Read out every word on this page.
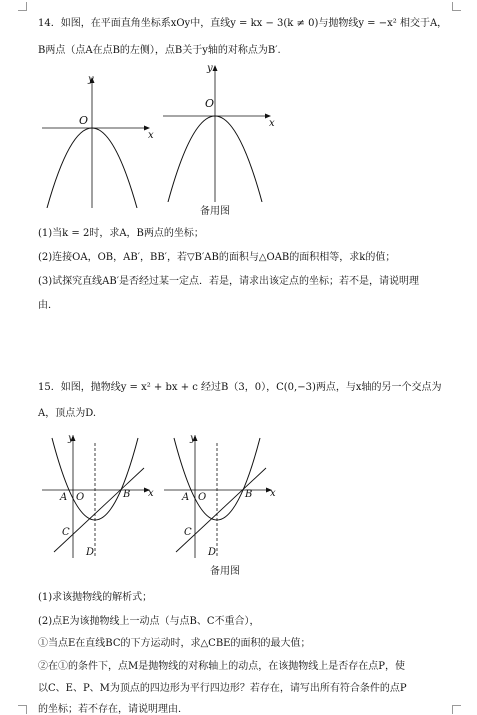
14．如图，在平面直角坐标系xOy中，直线y = kx − 3(k ≠ 0)与抛物线y = −x² 相交于A，
B两点（点A在点B的左侧），点B关于y轴的对称点为B′.
y
x
O
y
x
O
备用图
(1)当k = 2时，求A，B两点的坐标；
(2)连接OA，OB，AB′，BB′，若▽B′AB的面积与△OAB的面积相等，求k的值；
(3)试探究直线AB′是否经过某一定点．若是，请求出该定点的坐标；若不是，请说明理
由．
15．如图，抛物线y = x² + bx + c 经过B（3，0），C(0,−3)两点，与x轴的另一个交点为
A，顶点为D.
y
x
A O	B
C
D
y
x
A O	B
C
D
备用图
(1)求该抛物线的解析式；
(2)点E为该抛物线上一动点（与点B、C不重合），
①当点E在直线BC的下方运动时，求△CBE的面积的最大值；
②在①的条件下，点M是抛物线的对称轴上的动点，在该抛物线上是否存在点P，使
以C、E、P、M为顶点的四边形为平行四边形？若存在，请写出所有符合条件的点P
的坐标；若不存在，请说明理由．
